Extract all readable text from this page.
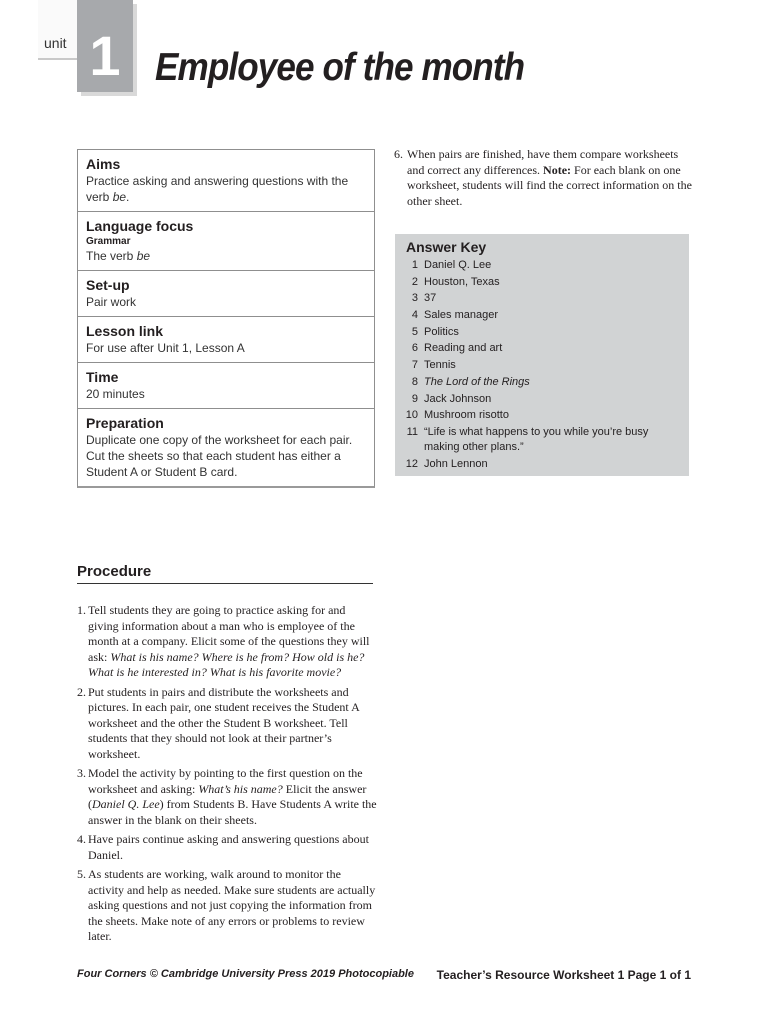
unit 1 Employee of the month
Aims
Practice asking and answering questions with the verb be.
Language focus
Grammar
The verb be
Set-up
Pair work
Lesson link
For use after Unit 1, Lesson A
Time
20 minutes
Preparation
Duplicate one copy of the worksheet for each pair. Cut the sheets so that each student has either a Student A or Student B card.
Procedure
1. Tell students they are going to practice asking for and giving information about a man who is employee of the month at a company. Elicit some of the questions they will ask: What is his name? Where is he from? How old is he? What is he interested in? What is his favorite movie?
2. Put students in pairs and distribute the worksheets and pictures. In each pair, one student receives the Student A worksheet and the other the Student B worksheet. Tell students that they should not look at their partner’s worksheet.
3. Model the activity by pointing to the first question on the worksheet and asking: What’s his name? Elicit the answer (Daniel Q. Lee) from Students B. Have Students A write the answer in the blank on their sheets.
4. Have pairs continue asking and answering questions about Daniel.
5. As students are working, walk around to monitor the activity and help as needed. Make sure students are actually asking questions and not just copying the information from the sheets. Make note of any errors or problems to review later.
6. When pairs are finished, have them compare worksheets and correct any differences. Note: For each blank on one worksheet, students will find the correct information on the other sheet.
Answer Key
1 Daniel Q. Lee
2 Houston, Texas
3 37
4 Sales manager
5 Politics
6 Reading and art
7 Tennis
8 The Lord of the Rings
9 Jack Johnson
10 Mushroom risotto
11 “Life is what happens to you while you’re busy making other plans.”
12 John Lennon
Four Corners © Cambridge University Press 2019 Photocopiable Teacher’s Resource Worksheet 1 Page 1 of 1
